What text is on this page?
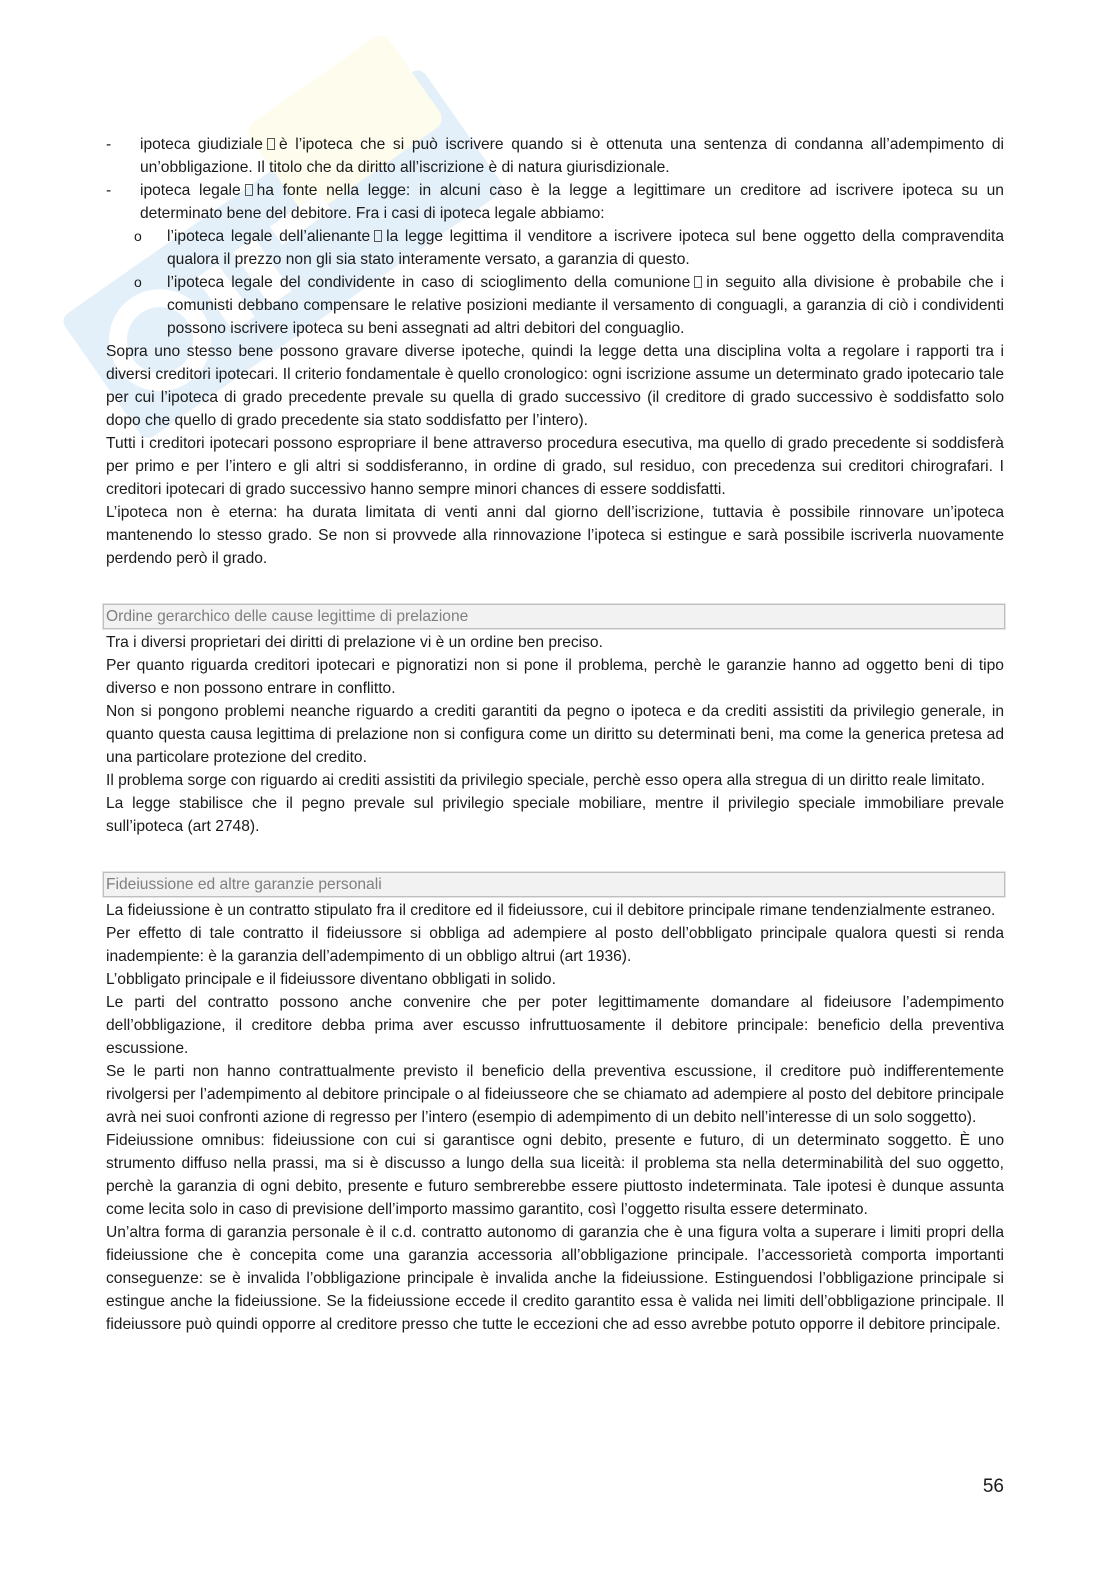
- ipoteca giudiziale è l’ipoteca che si può iscrivere quando si è ottenuta una sentenza di condanna all’adempimento di un’obbligazione. Il titolo che da diritto all’iscrizione è di natura giurisdizionale.
- ipoteca legale ha fonte nella legge: in alcuni caso è la legge a legittimare un creditore ad iscrivere ipoteca su un determinato bene del debitore. Fra i casi di ipoteca legale abbiamo:
o l’ipoteca legale dell’alienante la legge legittima il venditore a iscrivere ipoteca sul bene oggetto della compravendita qualora il prezzo non gli sia stato interamente versato, a garanzia di questo.
o l’ipoteca legale del condividente in caso di scioglimento della comunione in seguito alla divisione è probabile che i comunisti debbano compensare le relative posizioni mediante il versamento di conguagli, a garanzia di ciò i condividenti possono iscrivere ipoteca su beni assegnati ad altri debitori del conguaglio.

Sopra uno stesso bene possono gravare diverse ipoteche, quindi la legge detta una disciplina volta a regolare i rapporti tra i diversi creditori ipotecari. Il criterio fondamentale è quello cronologico: ogni iscrizione assume un determinato grado ipotecario tale per cui l’ipoteca di grado precedente prevale su quella di grado successivo (il creditore di grado successivo è soddisfatto solo dopo che quello di grado precedente sia stato soddisfatto per l’intero).

Tutti i creditori ipotecari possono espropriare il bene attraverso procedura esecutiva, ma quello di grado precedente si soddisferà per primo e per l’intero e gli altri si soddisferanno, in ordine di grado, sul residuo, con precedenza sui creditori chirografari. I creditori ipotecari di grado successivo hanno sempre minori chances di essere soddisfatti.

L’ipoteca non è eterna: ha durata limitata di venti anni dal giorno dell’iscrizione, tuttavia è possibile rinnovare un’ipoteca mantenendo lo stesso grado. Se non si provvede alla rinnovazione l’ipoteca si estingue e sarà possibile iscriverla nuovamente perdendo però il grado.

Ordine gerarchico delle cause legittime di prelazione

Tra i diversi proprietari dei diritti di prelazione vi è un ordine ben preciso.

Per quanto riguarda creditori ipotecari e pignoratizi non si pone il problema, perchè le garanzie hanno ad oggetto beni di tipo diverso e non possono entrare in conflitto.

Non si pongono problemi neanche riguardo a crediti garantiti da pegno o ipoteca e da crediti assistiti da privilegio generale, in quanto questa causa legittima di prelazione non si configura come un diritto su determinati beni, ma come la generica pretesa ad una particolare protezione del credito.

Il problema sorge con riguardo ai crediti assistiti da privilegio speciale, perchè esso opera alla stregua di un diritto reale limitato.

La legge stabilisce che il pegno prevale sul privilegio speciale mobiliare, mentre il privilegio speciale immobiliare prevale sull’ipoteca (art 2748).

Fideiussione ed altre garanzie personali

La fideiussione è un contratto stipulato fra il creditore ed il fideiussore, cui il debitore principale rimane tendenzialmente estraneo.

Per effetto di tale contratto il fideiussore si obbliga ad adempiere al posto dell’obbligato principale qualora questi si renda inadempiente: è la garanzia dell’adempimento di un obbligo altrui (art 1936).

L’obbligato principale e il fideiussore diventano obbligati in solido.

Le parti del contratto possono anche convenire che per poter legittimamente domandare al fideiusore l’adempimento dell’obbligazione, il creditore debba prima aver escusso infruttuosamente il debitore principale: beneficio della preventiva escussione.

Se le parti non hanno contrattualmente previsto il beneficio della preventiva escussione, il creditore può indifferentemente rivolgersi per l’adempimento al debitore principale o al fideiusseore che se chiamato ad adempiere al posto del debitore principale avrà nei suoi confronti azione di regresso per l’intero (esempio di adempimento di un debito nell’interesse di un solo soggetto).

Fideiussione omnibus: fideiussione con cui si garantisce ogni debito, presente e futuro, di un determinato soggetto. È uno strumento diffuso nella prassi, ma si è discusso a lungo della sua liceità: il problema sta nella determinabilità del suo oggetto, perchè la garanzia di ogni debito, presente e futuro sembrerebbe essere piuttosto indeterminata. Tale ipotesi è dunque assunta come lecita solo in caso di previsione dell’importo massimo garantito, così l’oggetto risulta essere determinato.

Un’altra forma di garanzia personale è il c.d. contratto autonomo di garanzia che è una figura volta a superare i limiti propri della fideiussione che è concepita come una garanzia accessoria all’obbligazione principale. l’accessorietà comporta importanti conseguenze: se è invalida l’obbligazione principale è invalida anche la fideiussione. Estinguendosi l’obbligazione principale si estingue anche la fideiussione. Se la fideiussione eccede il credito garantito essa è valida nei limiti dell’obbligazione principale. Il fideiussore può quindi opporre al creditore presso che tutte le eccezioni che ad esso avrebbe potuto opporre il debitore principale.

56
